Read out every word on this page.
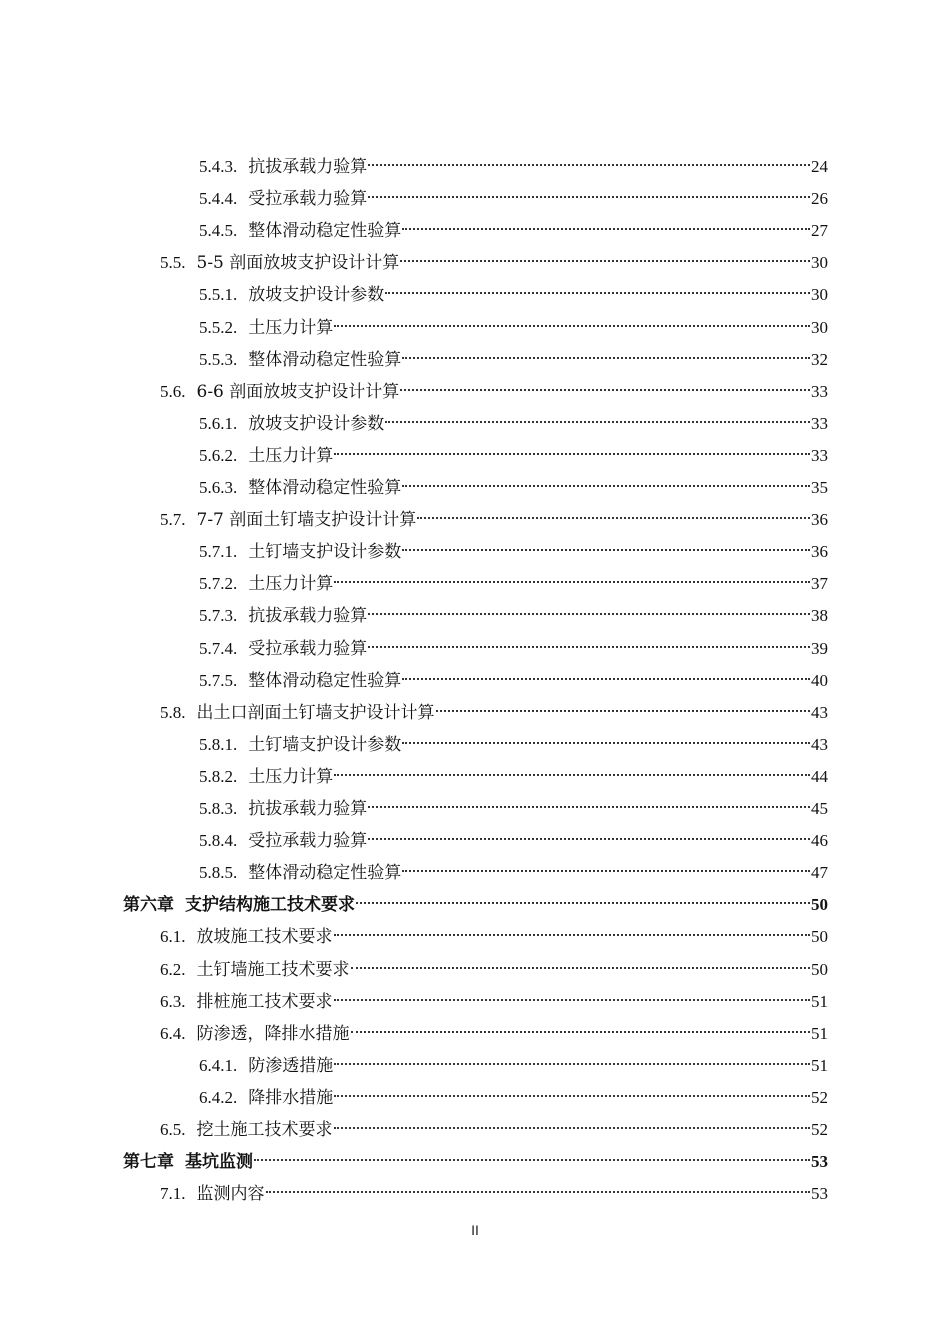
5.4.3. 抗拔承载力验算	24
5.4.4. 受拉承载力验算	26
5.4.5. 整体滑动稳定性验算	27
5.5. 5-5 剖面放坡支护设计计算	30
5.5.1. 放坡支护设计参数	30
5.5.2. 土压力计算	30
5.5.3. 整体滑动稳定性验算	32
5.6. 6-6 剖面放坡支护设计计算	33
5.6.1. 放坡支护设计参数	33
5.6.2. 土压力计算	33
5.6.3. 整体滑动稳定性验算	35
5.7. 7-7 剖面土钉墙支护设计计算	36
5.7.1. 土钉墙支护设计参数	36
5.7.2. 土压力计算	37
5.7.3. 抗拔承载力验算	38
5.7.4. 受拉承载力验算	39
5.7.5. 整体滑动稳定性验算	40
5.8. 出土口剖面土钉墙支护设计计算	43
5.8.1. 土钉墙支护设计参数	43
5.8.2. 土压力计算	44
5.8.3. 抗拔承载力验算	45
5.8.4. 受拉承载力验算	46
5.8.5. 整体滑动稳定性验算	47
第六章 支护结构施工技术要求	50
6.1. 放坡施工技术要求	50
6.2. 土钉墙施工技术要求	50
6.3. 排桩施工技术要求	51
6.4. 防渗透，降排水措施	51
6.4.1. 防渗透措施	51
6.4.2. 降排水措施	52
6.5. 挖土施工技术要求	52
第七章 基坑监测	53
7.1. 监测内容	53
II
